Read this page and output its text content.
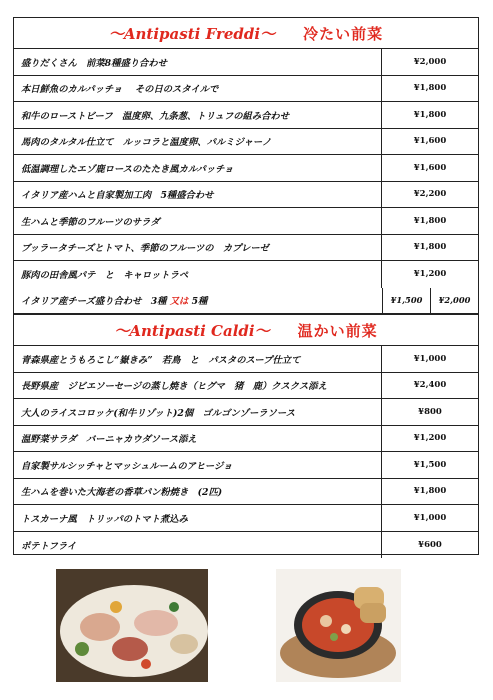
〜Antipasti Freddi〜 冷たい前菜
盛りだくさん　前菜8種盛り合わせ	¥2,000
本日鮮魚のカルパッチョ　 その日のスタイルで	¥1,800
和牛のローストビーフ　温度卵、九条葱、トリュフの組み合わせ	¥1,800
馬肉のタルタル仕立て　ルッコラと温度卵、パルミジャーノ	¥1,600
低温調理したエゾ鹿ロースのたたき風カルパッチョ	¥1,600
イタリア産ハムと自家製加工肉　5種盛合わせ	¥2,200
生ハムと季節のフルーツのサラダ	¥1,800
ブッラータチーズとトマト、季節のフルーツの　カプレーゼ	¥1,800
豚肉の田舎風パテ　と　キャロットラペ	¥1,200
イタリア産チーズ盛り合わせ　3種 又は 5種	¥1,500	¥2,000
〜Antipasti Caldi〜 温かい前菜
青森県産とうもろこし“嶽きみ”　若鳥　と　パスタのスープ仕立て	¥1,000
長野県産　ジビエソーセージの蒸し焼き（ヒグマ　猪　鹿）クスクス添え	¥2,400
大人のライスコロッケ(和牛リゾット)2個　ゴルゴンゾーラソース	¥800
温野菜サラダ　バーニャカウダソース添え	¥1,200
自家製サルシッチャとマッシュルームのアヒージョ	¥1,500
生ハムを巻いた大海老の香草パン粉焼き　(2匹)	¥1,800
トスカーナ風　トリッパのトマト煮込み	¥1,000
ポテトフライ	¥600
